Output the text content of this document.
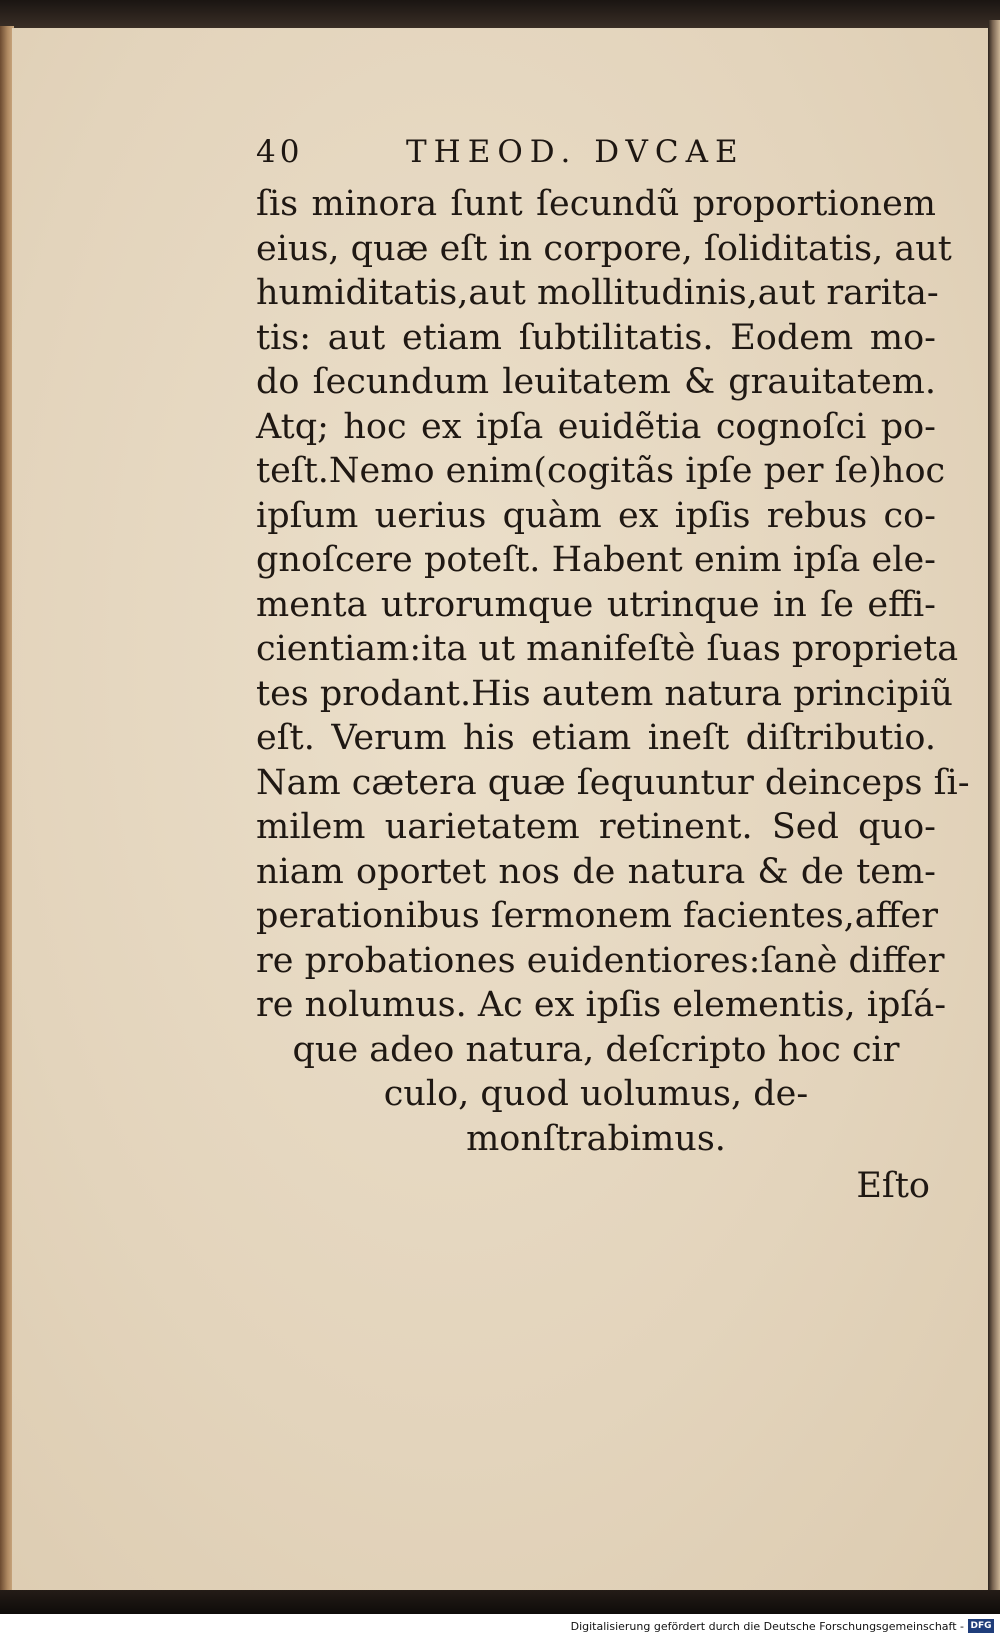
40	THEOD. DVCAE
ſis minora ſunt ſecundũ proportionem
eius, quæ eſt in corpore, ſoliditatis, aut
humiditatis,aut mollitudinis,aut rarita-
tis: aut etiam ſubtilitatis. Eodem mo-
do ſecundum leuitatem & grauitatem.
Atq; hoc ex ipſa euidẽtia cognoſci po-
teſt.Nemo enim(cogitãs ipſe per ſe)hoc
ipſum uerius quàm ex ipſis rebus co-
gnoſcere poteſt. Habent enim ipſa ele-
menta utrorumque utrinque in ſe effi-
cientiam:ita ut manifeſtè ſuas proprieta
tes prodant.His autem natura principiũ
eſt. Verum his etiam ineſt diſtributio.
Nam cætera quæ ſequuntur deinceps ſi-
milem uarietatem retinent. Sed quo-
niam oportet nos de natura & de tem-
perationibus ſermonem facientes,affer
re probationes euidentiores:ſanè differ
re nolumus. Ac ex ipſis elementis, ipſá-
que adeo natura, deſcripto hoc cir
culo, quod uolumus, de-
monſtrabimus.
Eſto
Digitalisierung gefördert durch die Deutsche Forschungsgemeinschaft - DFG
